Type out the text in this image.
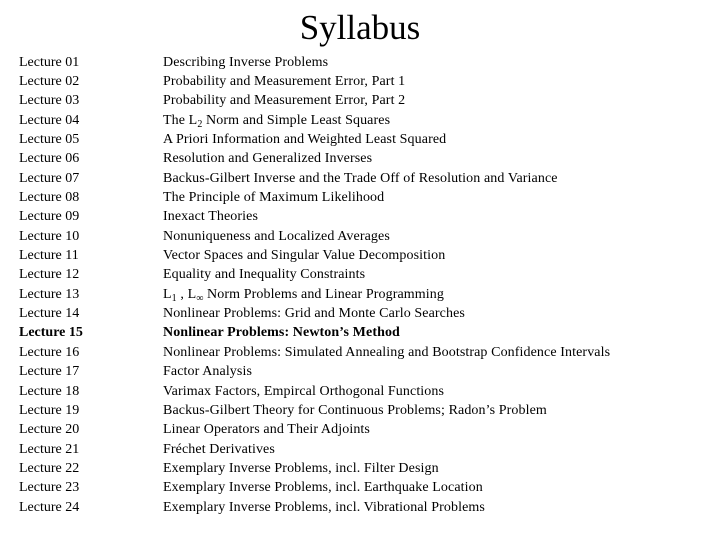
Syllabus
Lecture 01	Describing Inverse Problems
Lecture 02	Probability and Measurement Error, Part 1
Lecture 03	Probability and Measurement Error, Part 2
Lecture 04	The $L_2$ Norm and Simple Least Squares
Lecture 05	A Priori Information and Weighted Least Squared
Lecture 06	Resolution and Generalized Inverses
Lecture 07	Backus-Gilbert Inverse and the Trade Off of Resolution and Variance
Lecture 08	The Principle of Maximum Likelihood
Lecture 09	Inexact Theories
Lecture 10	Nonuniqueness and Localized Averages
Lecture 11	Vector Spaces and Singular Value Decomposition
Lecture 12	Equality and Inequality Constraints
Lecture 13	$L_1$ , $L_\infty$ Norm Problems and Linear Programming
Lecture 14	Nonlinear Problems: Grid and Monte Carlo Searches
Lecture 15	Nonlinear Problems: Newton’s Method
Lecture 16	Nonlinear Problems: Simulated Annealing and Bootstrap Confidence Intervals
Lecture 17	Factor Analysis
Lecture 18	Varimax Factors, Empircal Orthogonal Functions
Lecture 19	Backus-Gilbert Theory for Continuous Problems; Radon’s Problem
Lecture 20	Linear Operators and Their Adjoints
Lecture 21	Fréchet Derivatives
Lecture 22	Exemplary Inverse Problems, incl. Filter Design
Lecture 23	Exemplary Inverse Problems, incl. Earthquake Location
Lecture 24	Exemplary Inverse Problems, incl. Vibrational Problems
